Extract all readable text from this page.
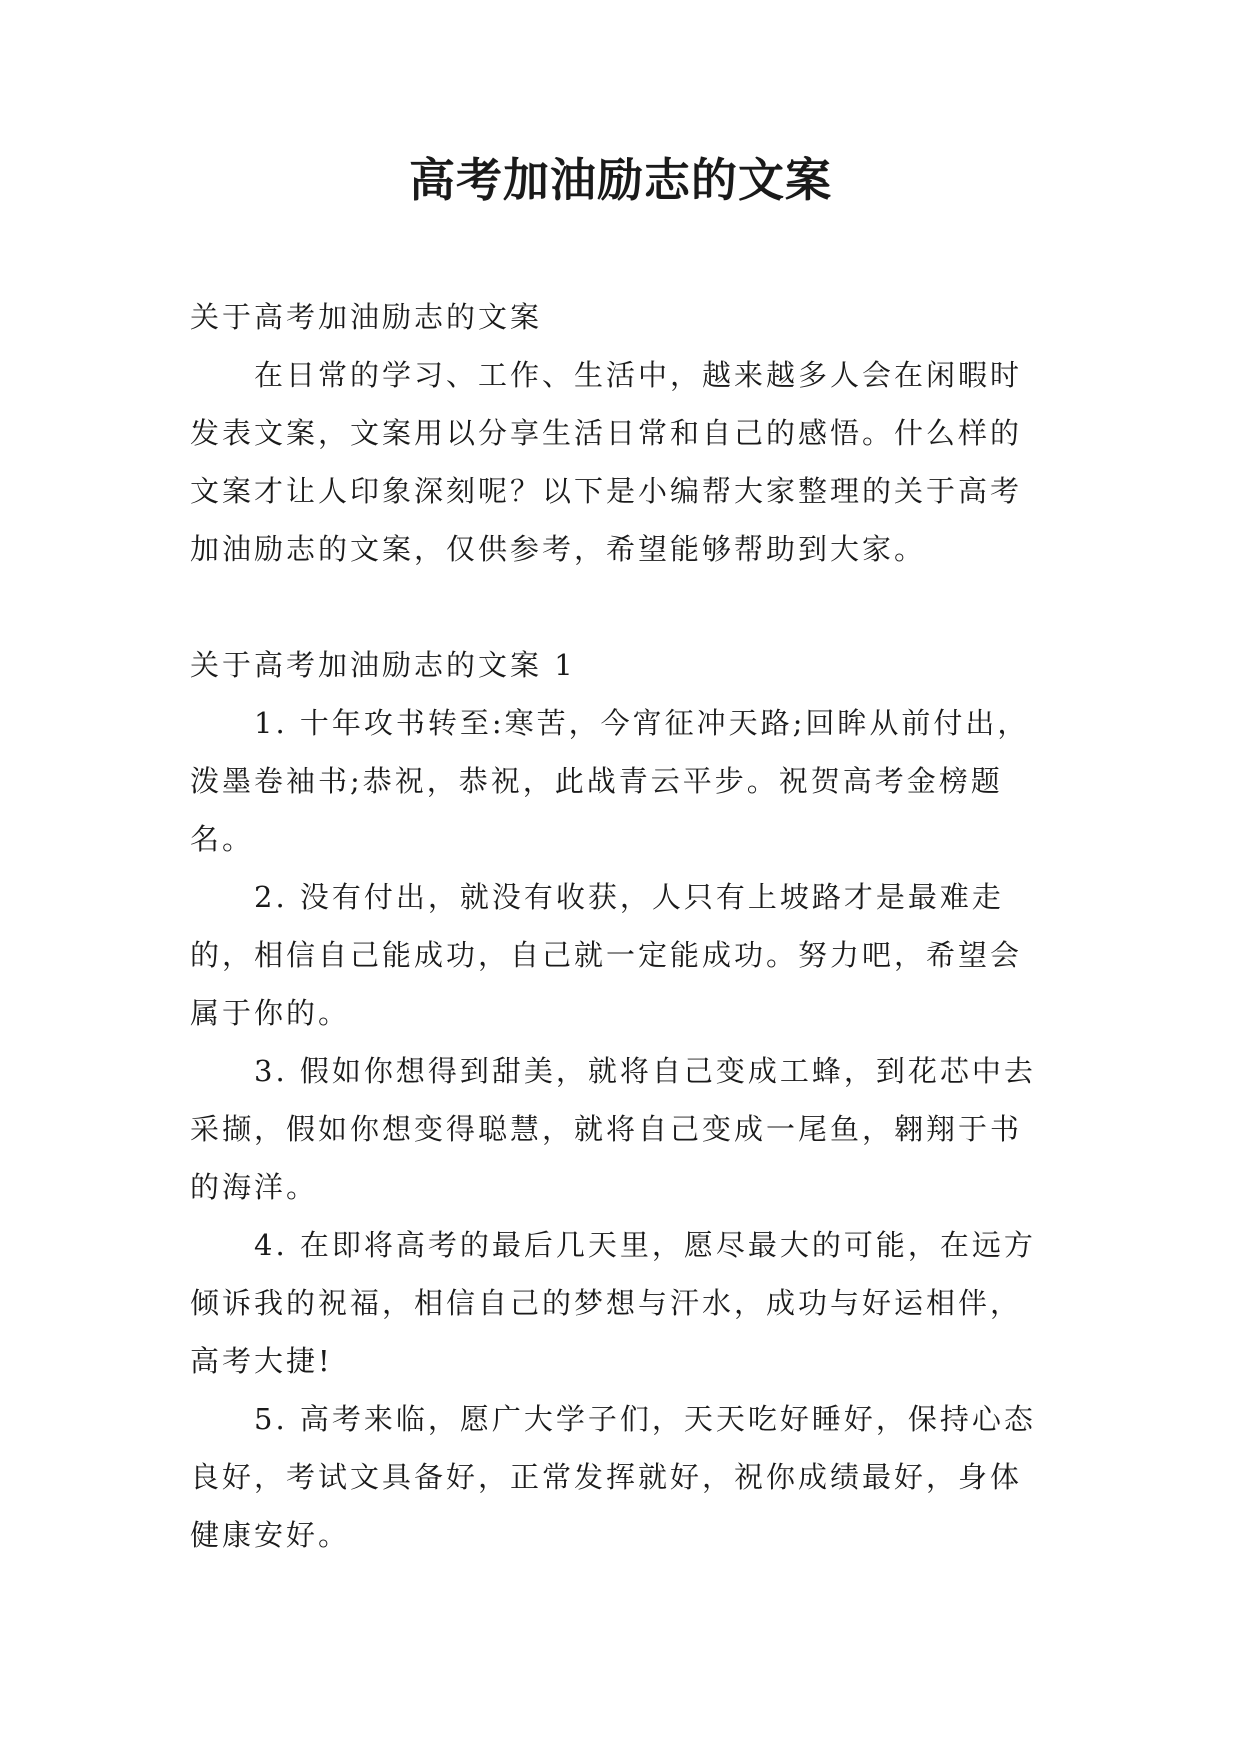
高考加油励志的文案

关于高考加油励志的文案

在日常的学习、工作、生活中，越来越多人会在闲暇时发表文案，文案用以分享生活日常和自己的感悟。什么样的文案才让人印象深刻呢？以下是小编帮大家整理的关于高考加油励志的文案，仅供参考，希望能够帮助到大家。

关于高考加油励志的文案 1

1. 十年攻书转至:寒苦，今宵征冲天路;回眸从前付出，泼墨卷袖书;恭祝，恭祝，此战青云平步。祝贺高考金榜题名。

2. 没有付出，就没有收获，人只有上坡路才是最难走的，相信自己能成功，自己就一定能成功。努力吧，希望会属于你的。

3. 假如你想得到甜美，就将自己变成工蜂，到花芯中去采撷，假如你想变得聪慧，就将自己变成一尾鱼，翱翔于书的海洋。

4. 在即将高考的最后几天里，愿尽最大的可能，在远方倾诉我的祝福，相信自己的梦想与汗水，成功与好运相伴，高考大捷!

5. 高考来临，愿广大学子们，天天吃好睡好，保持心态良好，考试文具备好，正常发挥就好，祝你成绩最好，身体健康安好。
